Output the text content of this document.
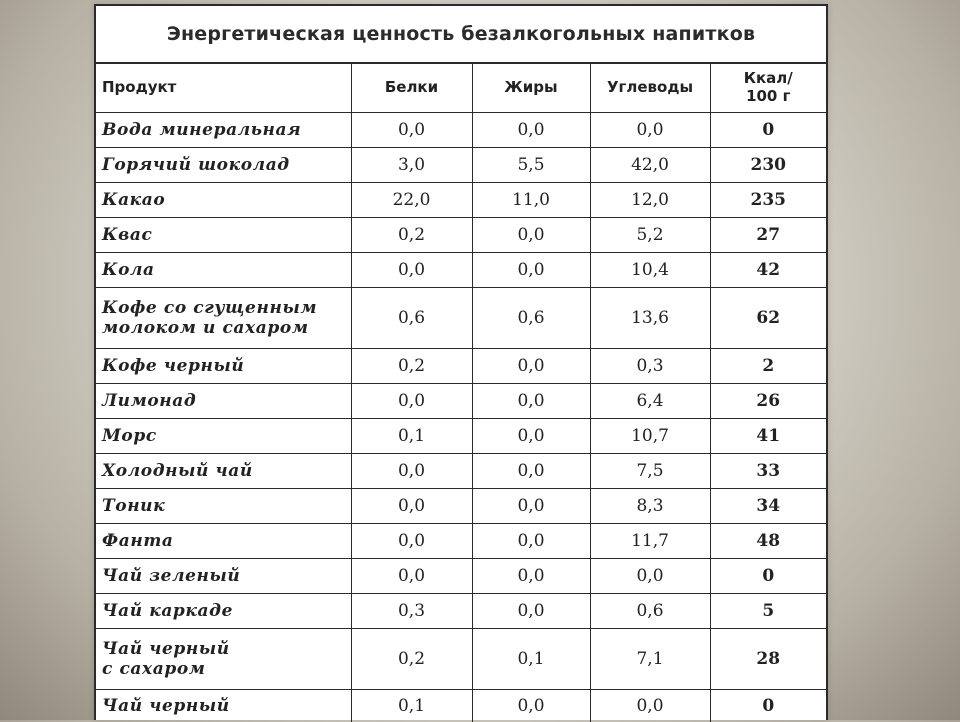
Энергетическая ценность безалкогольных напитков
Продукт	Белки	Жиры	Углеводы	Ккал/
100 г
Вода минеральная	0,0	0,0	0,0	0
Горячий шоколад	3,0	5,5	42,0	230
Какао	22,0	11,0	12,0	235
Квас	0,2	0,0	5,2	27
Кола	0,0	0,0	10,4	42
Кофе со сгущенным
молоком и сахаром	0,6	0,6	13,6	62
Кофе черный	0,2	0,0	0,3	2
Лимонад	0,0	0,0	6,4	26
Морс	0,1	0,0	10,7	41
Холодный чай	0,0	0,0	7,5	33
Тоник	0,0	0,0	8,3	34
Фанта	0,0	0,0	11,7	48
Чай зеленый	0,0	0,0	0,0	0
Чай каркаде	0,3	0,0	0,6	5
Чай черный
с сахаром	0,2	0,1	7,1	28
Чай черный	0,1	0,0	0,0	0
